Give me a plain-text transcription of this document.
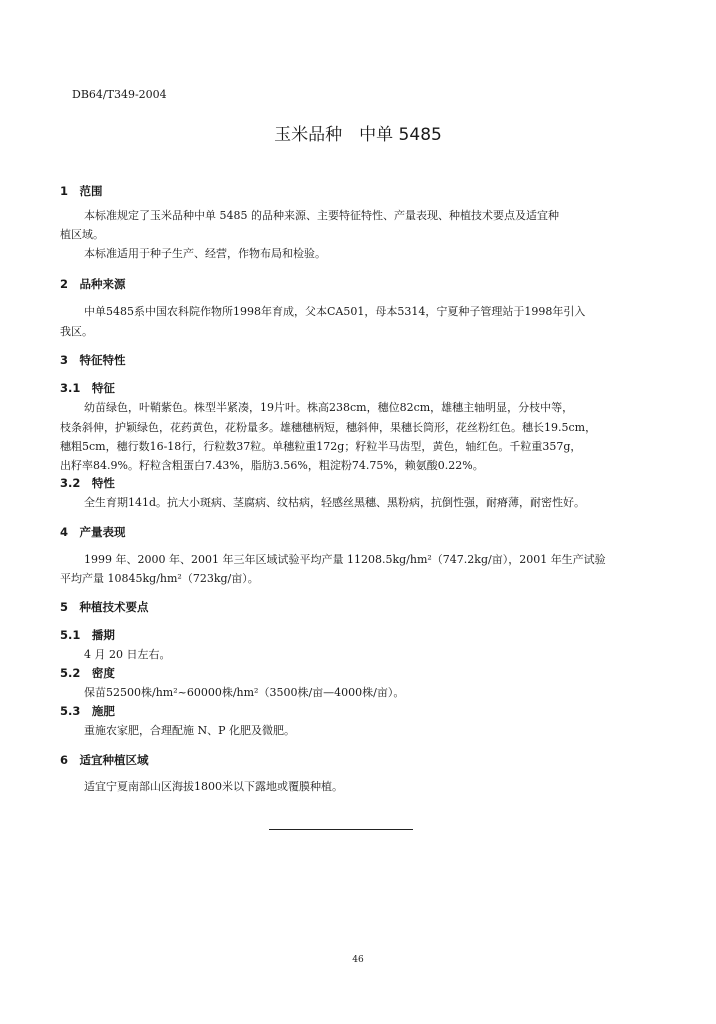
DB64/T349-2004
玉米品种　中单 5485
1　范围
本标准规定了玉米品种中单 5485 的品种来源、主要特征特性、产量表现、种植技术要点及适宜种
植区域。
本标准适用于种子生产、经营，作物布局和检验。
2　品种来源
中单5485系中国农科院作物所1998年育成，父本CA501，母本5314，宁夏种子管理站于1998年引入
我区。
3　特征特性
3.1　特征
幼苗绿色，叶鞘紫色。株型半紧凑，19片叶。株高238cm，穗位82cm，雄穗主轴明显，分枝中等，
枝条斜伸，护颖绿色，花药黄色，花粉量多。雄穗穗柄短，穗斜伸，果穗长筒形，花丝粉红色。穗长19.5cm，
穗粗5cm，穗行数16-18行，行粒数37粒。单穗粒重172g；籽粒半马齿型，黄色，轴红色。千粒重357g，
出籽率84.9%。籽粒含粗蛋白7.43%，脂肪3.56%，粗淀粉74.75%，赖氨酸0.22%。
3.2　特性
全生育期141d。抗大小斑病、茎腐病、纹枯病，轻感丝黑穗、黑粉病，抗倒性强，耐瘠薄，耐密性好。
4　产量表现
1999 年、2000 年、2001 年三年区域试验平均产量 11208.5kg/hm²（747.2kg/亩），2001 年生产试验
平均产量 10845kg/hm²（723kg/亩）。
5　种植技术要点
5.1　播期
4 月 20 日左右。
5.2　密度
保苗52500株/hm²~60000株/hm²（3500株/亩—4000株/亩）。
5.3　施肥
重施农家肥，合理配施 N、P 化肥及微肥。
6　适宜种植区域
适宜宁夏南部山区海拔1800米以下露地或覆膜种植。
46
